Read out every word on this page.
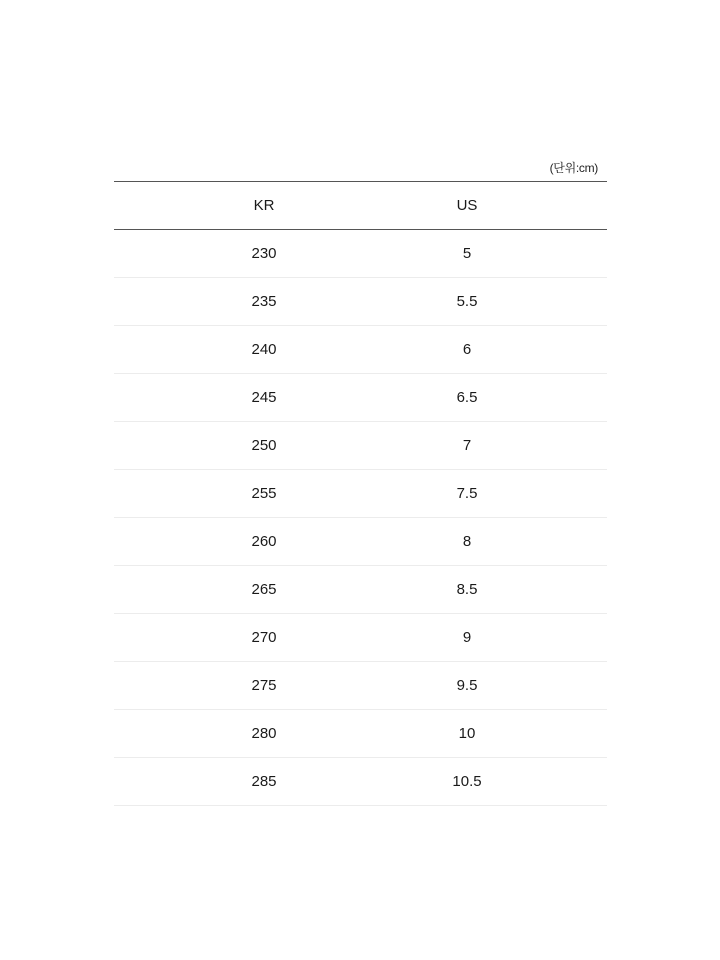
(단위:cm)
KR	US
230	5
235	5.5
240	6
245	6.5
250	7
255	7.5
260	8
265	8.5
270	9
275	9.5
280	10
285	10.5
